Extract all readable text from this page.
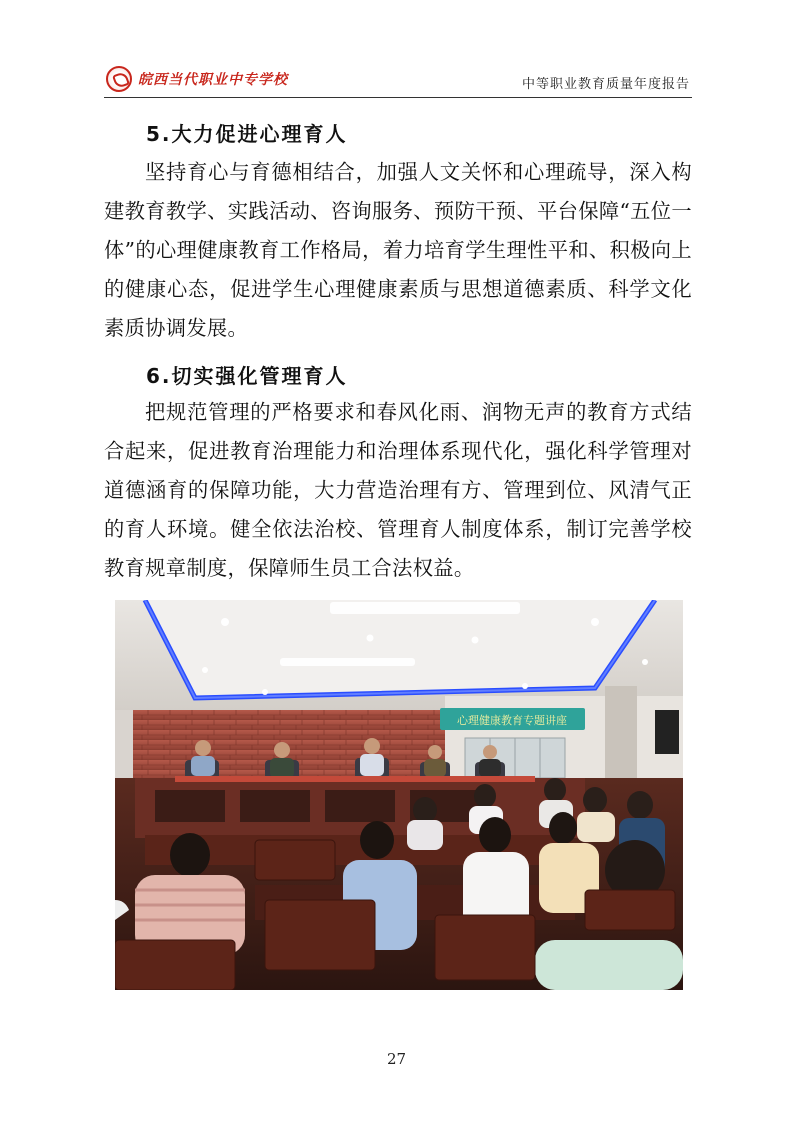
皖西当代职业中专学校	中等职业教育质量年度报告
5.大力促进心理育人
坚持育心与育德相结合，加强人文关怀和心理疏导，深入构建教育教学、实践活动、咨询服务、预防干预、平台保障“五位一体”的心理健康教育工作格局，着力培育学生理性平和、积极向上的健康心态，促进学生心理健康素质与思想道德素质、科学文化素质协调发展。
6.切实强化管理育人
把规范管理的严格要求和春风化雨、润物无声的教育方式结合起来，促进教育治理能力和治理体系现代化，强化科学管理对道德涵育的保障功能，大力营造治理有方、管理到位、风清气正的育人环境。健全依法治校、管理育人制度体系，制订完善学校教育规章制度，保障师生员工合法权益。
心理健康教育专题讲座
27
